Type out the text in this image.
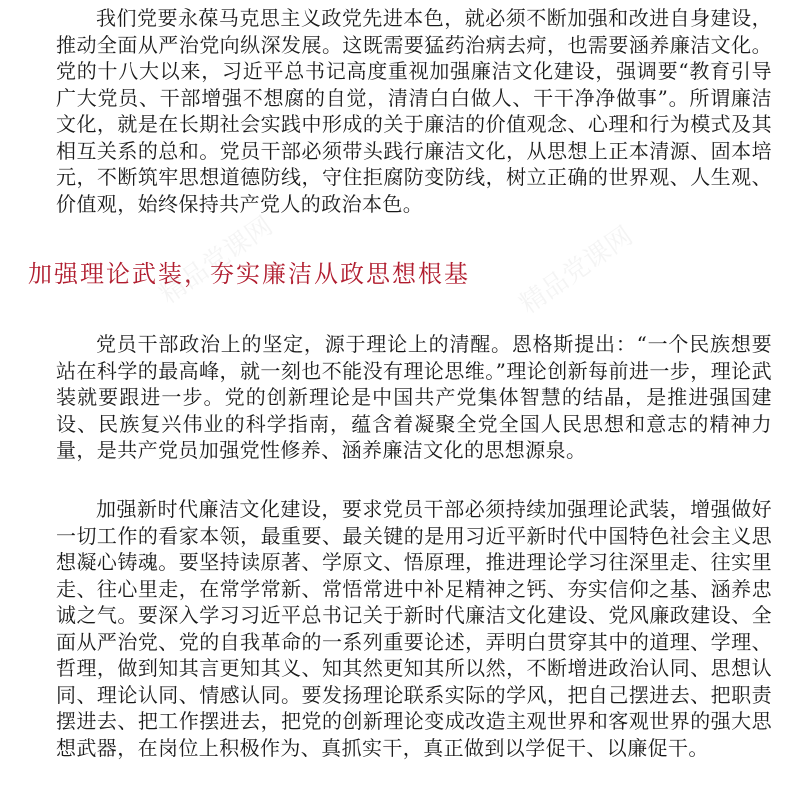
我们党要永葆马克思主义政党先进本色，就必须不断加强和改进自身建设，推动全面从严治党向纵深发展。这既需要猛药治病去疴，也需要涵养廉洁文化。党的十八大以来，习近平总书记高度重视加强廉洁文化建设，强调要“教育引导广大党员、干部增强不想腐的自觉，清清白白做人、干干净净做事”。所谓廉洁文化，就是在长期社会实践中形成的关于廉洁的价值观念、心理和行为模式及其相互关系的总和。党员干部必须带头践行廉洁文化，从思想上正本清源、固本培元，不断筑牢思想道德防线，守住拒腐防变防线，树立正确的世界观、人生观、价值观，始终保持共产党人的政治本色。

加强理论武装，夯实廉洁从政思想根基

党员干部政治上的坚定，源于理论上的清醒。恩格斯提出：“一个民族想要站在科学的最高峰，就一刻也不能没有理论思维。”理论创新每前进一步，理论武装就要跟进一步。党的创新理论是中国共产党集体智慧的结晶，是推进强国建设、民族复兴伟业的科学指南，蕴含着凝聚全党全国人民思想和意志的精神力量，是共产党员加强党性修养、涵养廉洁文化的思想源泉。

加强新时代廉洁文化建设，要求党员干部必须持续加强理论武装，增强做好一切工作的看家本领，最重要、最关键的是用习近平新时代中国特色社会主义思想凝心铸魂。要坚持读原著、学原文、悟原理，推进理论学习往深里走、往实里走、往心里走，在常学常新、常悟常进中补足精神之钙、夯实信仰之基、涵养忠诚之气。要深入学习习近平总书记关于新时代廉洁文化建设、党风廉政建设、全面从严治党、党的自我革命的一系列重要论述，弄明白贯穿其中的道理、学理、哲理，做到知其言更知其义、知其然更知其所以然，不断增进政治认同、思想认同、理论认同、情感认同。要发扬理论联系实际的学风，把自己摆进去、把职责摆进去、把工作摆进去，把党的创新理论变成改造主观世界和客观世界的强大思想武器，在岗位上积极作为、真抓实干，真正做到以学促干、以廉促干。

精品党课网	精品党课网
